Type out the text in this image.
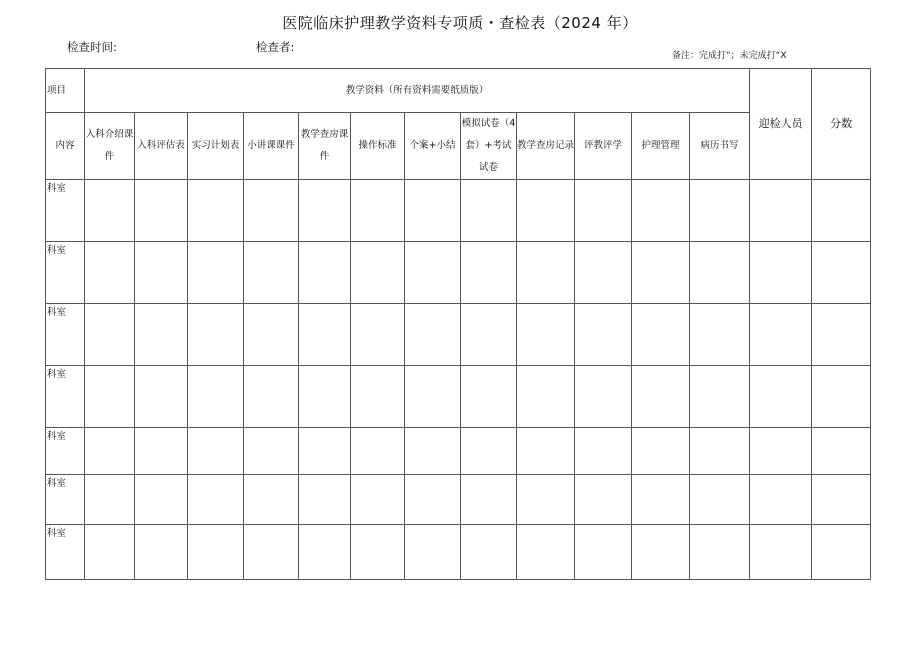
医院临床护理教学资料专项质・查检表（2024 年）
检查时间:	检查者:
备注：完成打“；未完成打“X
项目	教学资料（所有资料需要纸质版）												迎检人员	分数
内容	入科介绍课件	入科评估表	实习计划表	小讲课课件	教学查房课件	操作标准	个案+小结	模拟试卷（4套）+考试试卷	教学查房记录	评教评学	护理管理	病历书写		
科室														
科室														
科室														
科室														
科室														
科室														
科室														
